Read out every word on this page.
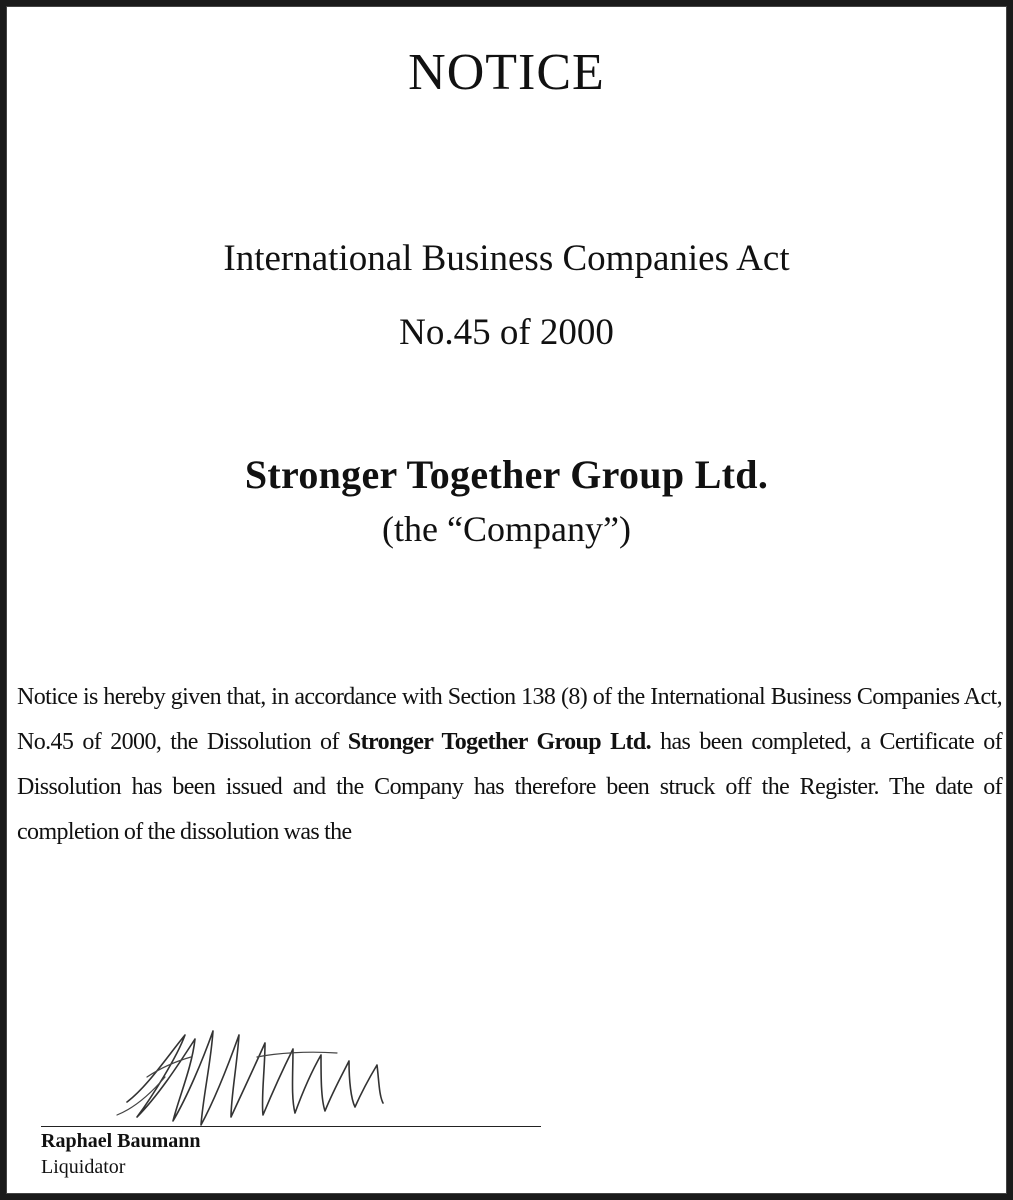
NOTICE
International Business Companies Act
No.45 of 2000
Stronger Together Group Ltd.
(the “Company”)
Notice is hereby given that, in accordance with Section 138 (8) of the International Business Companies Act, No.45 of 2000, the Dissolution of Stronger Together Group Ltd. has been completed, a Certificate of Dissolution has been issued and the Company has therefore been struck off the Register. The date of completion of the dissolution was the
Raphael Baumann
Liquidator
